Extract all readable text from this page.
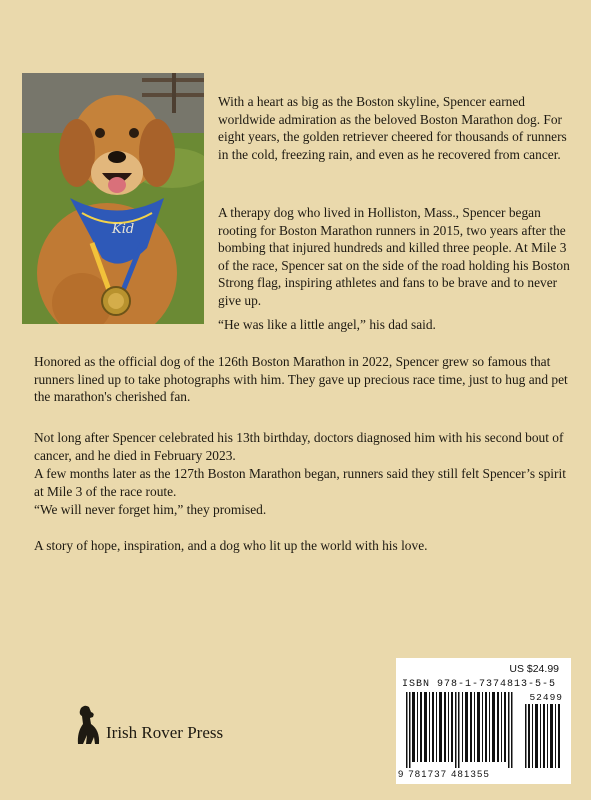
Kid

With a heart as big as the Boston skyline, Spencer earned worldwide admiration as the beloved Boston Marathon dog. For eight years, the golden retriever cheered for thousands of runners in the cold, freezing rain, and even as he recovered from cancer.

A therapy dog who lived in Holliston, Mass., Spencer began rooting for Boston Marathon runners in 2015, two years after the bombing that injured hundreds and killed three people. At Mile 3 of the race, Spencer sat on the side of the road holding his Boston Strong flag, inspiring athletes and fans to be brave and to never give up.

“He was like a little angel,” his dad said.

Honored as the official dog of the 126th Boston Marathon in 2022, Spencer grew so famous that runners lined up to take photographs with him. They gave up precious race time, just to hug and pet the marathon's cherished fan.

Not long after Spencer celebrated his 13th birthday, doctors diagnosed him with his second bout of cancer, and he died in February 2023.

A few months later as the 127th Boston Marathon began, runners said they still felt Spencer’s spirit at Mile 3 of the race route.

“We will never forget him,” they promised.

A story of hope, inspiration, and a dog who lit up the world with his love.

US $24.99
ISBN 978-1-7374813-5-5
52499
9 781737 481355
Irish Rover Press
